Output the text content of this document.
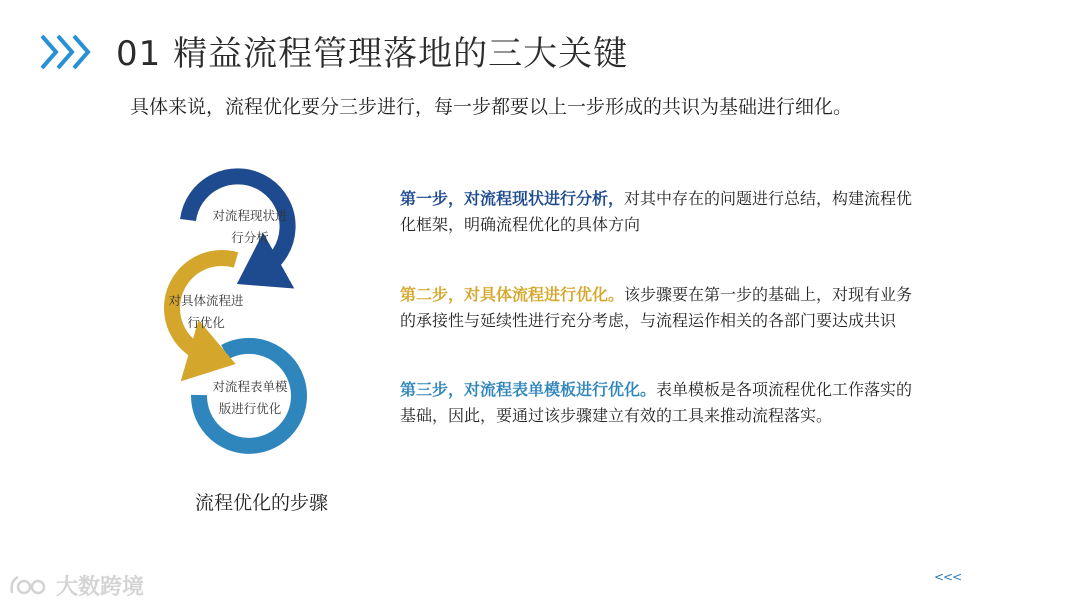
01 精益流程管理落地的三大关键
具体来说，流程优化要分三步进行，每一步都要以上一步形成的共识为基础进行细化。
对流程现状进
行分析
对具体流程进
行优化
对流程表单模
版进行优化
流程优化的步骤
第一步，对流程现状进行分析，对其中存在的问题进行总结，构建流程优
化框架，明确流程优化的具体方向
第二步，对具体流程进行优化。该步骤要在第一步的基础上，对现有业务
的承接性与延续性进行充分考虑，与流程运作相关的各部门要达成共识
第三步，对流程表单模板进行优化。表单模板是各项流程优化工作落实的
基础，因此，要通过该步骤建立有效的工具来推动流程落实。
大数跨境	<<<
